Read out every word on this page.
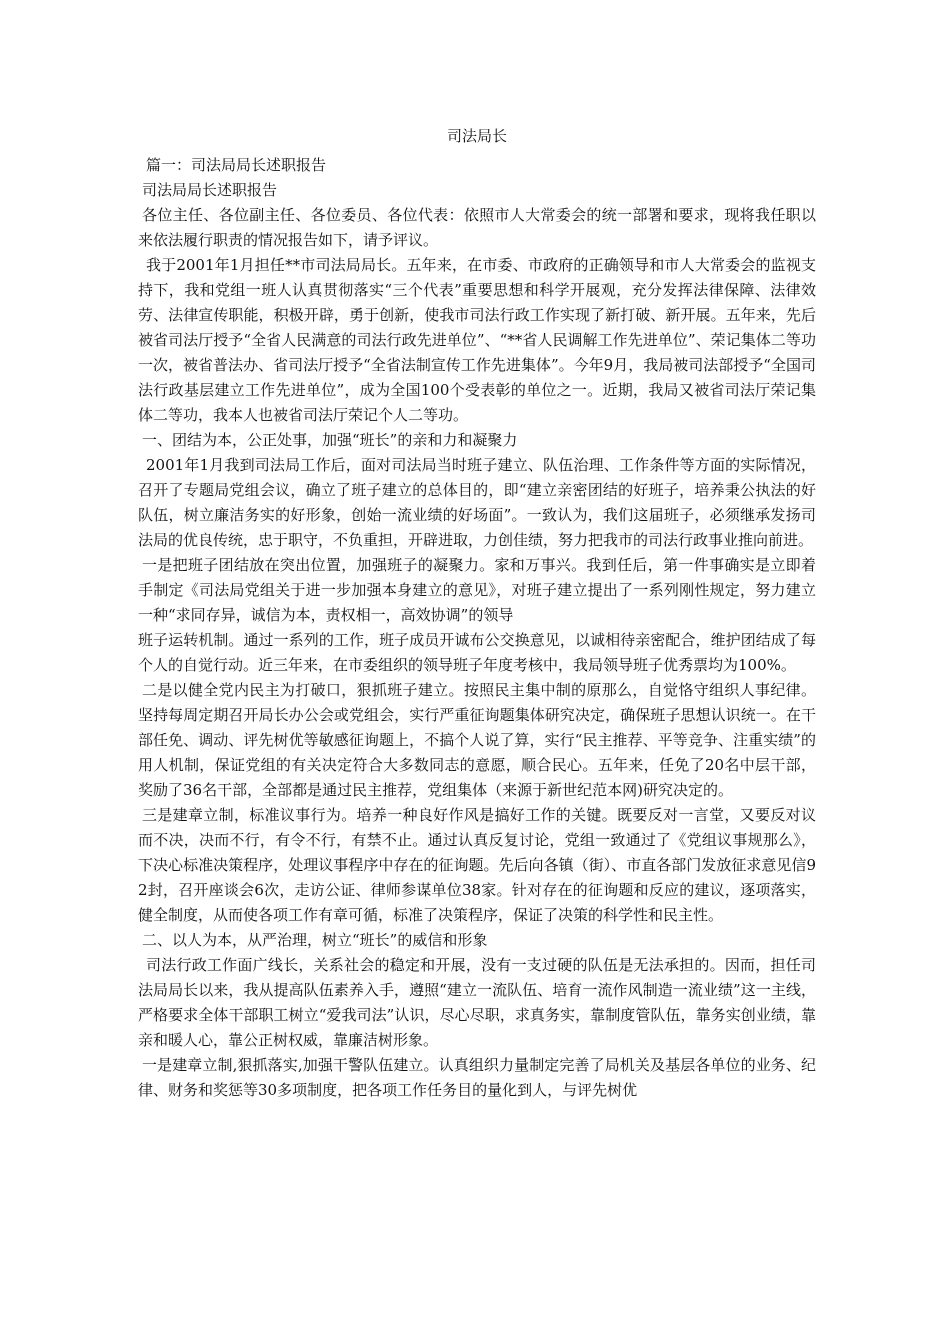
司法局长

篇一：司法局局长述职报告

司法局局长述职报告

各位主任、各位副主任、各位委员、各位代表：依照市人大常委会的统一部署和要求，现将我任职以来依法履行职责的情况报告如下，请予评议。

我于2001年1月担任**市司法局局长。五年来，在市委、市政府的正确领导和市人大常委会的监视支持下，我和党组一班人认真贯彻落实“三个代表”重要思想和科学开展观，充分发挥法律保障、法律效劳、法律宣传职能，积极开辟，勇于创新，使我市司法行政工作实现了新打破、新开展。五年来，先后被省司法厅授予“全省人民满意的司法行政先进单位”、“**省人民调解工作先进单位”、荣记集体二等功一次，被省普法办、省司法厅授予“全省法制宣传工作先进集体”。今年9月，我局被司法部授予“全国司法行政基层建立工作先进单位”，成为全国100个受表彰的单位之一。近期，我局又被省司法厅荣记集体二等功，我本人也被省司法厅荣记个人二等功。

一、团结为本，公正处事，加强“班长”的亲和力和凝聚力

2001年1月我到司法局工作后，面对司法局当时班子建立、队伍治理、工作条件等方面的实际情况，召开了专题局党组会议，确立了班子建立的总体目的，即“建立亲密团结的好班子，培养秉公执法的好队伍，树立廉洁务实的好形象，创始一流业绩的好场面”。一致认为，我们这届班子，必须继承发扬司法局的优良传统，忠于职守，不负重担，开辟进取，力创佳绩，努力把我市的司法行政事业推向前进。

一是把班子团结放在突出位置，加强班子的凝聚力。家和万事兴。我到任后，第一件事确实是立即着手制定《司法局党组关于进一步加强本身建立的意见》，对班子建立提出了一系列刚性规定，努力建立一种“求同存异，诚信为本，责权相一，高效协调”的领导

班子运转机制。通过一系列的工作，班子成员开诚布公交换意见，以诚相待亲密配合，维护团结成了每个人的自觉行动。近三年来，在市委组织的领导班子年度考核中，我局领导班子优秀票均为100%。

二是以健全党内民主为打破口，狠抓班子建立。按照民主集中制的原那么，自觉恪守组织人事纪律。坚持每周定期召开局长办公会或党组会，实行严重征询题集体研究决定，确保班子思想认识统一。在干部任免、调动、评先树优等敏感征询题上，不搞个人说了算，实行“民主推荐、平等竞争、注重实绩”的用人机制，保证党组的有关决定符合大多数同志的意愿，顺合民心。五年来，任免了20名中层干部，奖励了36名干部，全部都是通过民主推荐，党组集体（来源于新世纪范本网)研究决定的。

三是建章立制，标准议事行为。培养一种良好作风是搞好工作的关键。既要反对一言堂，又要反对议而不决，决而不行，有令不行，有禁不止。通过认真反复讨论，党组一致通过了《党组议事规那么》，下决心标准决策程序，处理议事程序中存在的征询题。先后向各镇（街）、市直各部门发放征求意见信92封，召开座谈会6次，走访公证、律师参谋单位38家。针对存在的征询题和反应的建议，逐项落实，健全制度，从而使各项工作有章可循，标准了决策程序，保证了决策的科学性和民主性。

二、以人为本，从严治理，树立“班长”的威信和形象

司法行政工作面广线长，关系社会的稳定和开展，没有一支过硬的队伍是无法承担的。因而，担任司法局局长以来，我从提高队伍素养入手，遵照“建立一流队伍、培育一流作风制造一流业绩”这一主线，严格要求全体干部职工树立“爱我司法”认识，尽心尽职，求真务实，靠制度管队伍，靠务实创业绩，靠亲和暖人心，靠公正树权威，靠廉洁树形象。

一是建章立制,狠抓落实,加强干警队伍建立。认真组织力量制定完善了局机关及基层各单位的业务、纪律、财务和奖惩等30多项制度，把各项工作任务目的量化到人，与评先树优
